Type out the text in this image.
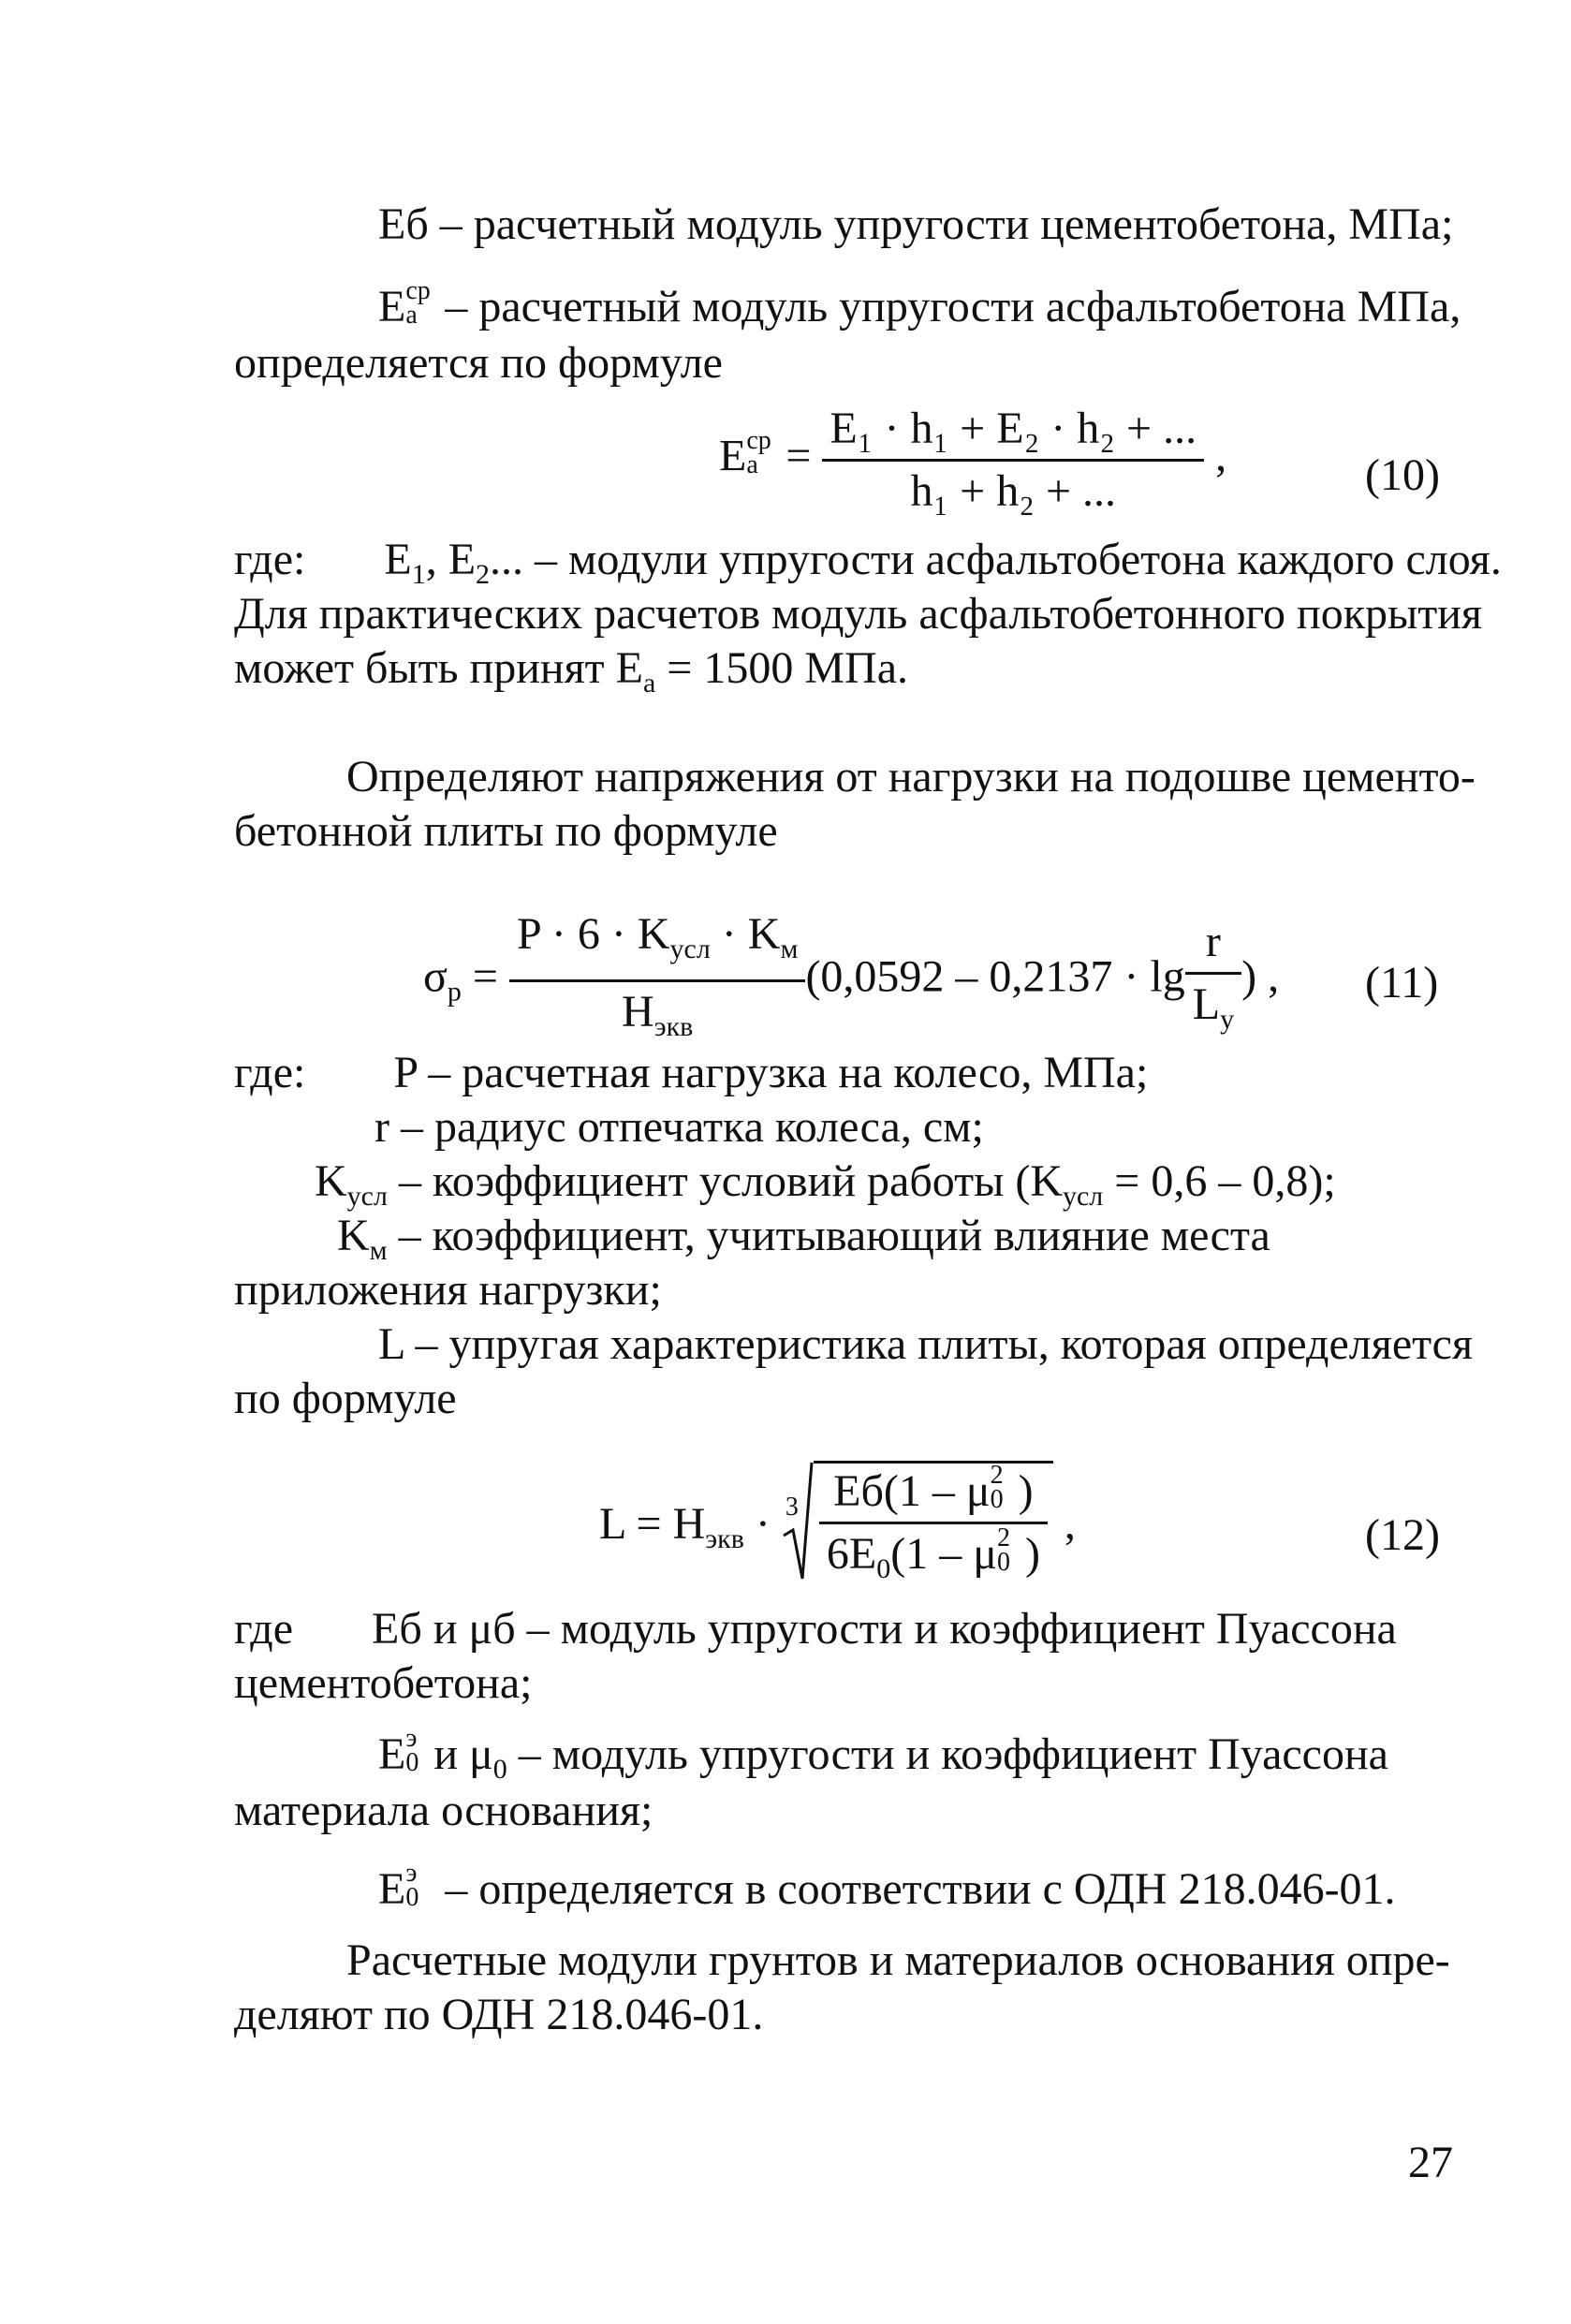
Eб – расчетный модуль упругости цементобетона, МПа;
E ср
а – расчетный модуль упругости асфальтобетона МПа,
определяется по формуле
E ср
$а = \frac{\text{E₁ · h₁ + E₂ · h₂ + ...}}{\text{h₁ + h₂ + ...}}$ ,	(10)
где: $E_1$, $E_2$... – модули упругости асфальтобетона каждого слоя.
Для практических расчетов модуль асфальтобетонного покрытия
может быть принят $E_а = 1500$ МПа.
Определяют напряжения от нагрузки на подошве цементо-
бетонной плиты по формуле
$\sigma_p = \frac{P \cdot 6 \cdot K_{усл} \cdot K_м}{H_{экв}} (0,0592 - 0,2137 \cdot \lg \frac{r}{L_у}$ ) , (11)
где: P – расчетная нагрузка на колесо, МПа;
r – радиус отпечатка колеса, см;
$K_{усл}$ – коэффициент условий работы $(K_{усл} = 0,6 - 0,8)$;
$K_м$ – коэффициент, учитывающий влияние места
приложения нагрузки;
L – упругая характеристика плиты, которая определяется
по формуле
$L = H_{экв} \cdot 3$ Eб(1 – μ 2
0 )
$6E_0(1$ – μ 2
0 ) ,	(12)
где Eб и μб – модуль упругости и коэффициент Пуассона
цементобетона;
E э
0 и $\mu_0$ – модуль упругости и коэффициент Пуассона
материала основания;
E э
0 – определяется в соответствии с ОДН 218.046-01.
Расчетные модули грунтов и материалов основания опре-
деляют по ОДН 218.046-01.
27
